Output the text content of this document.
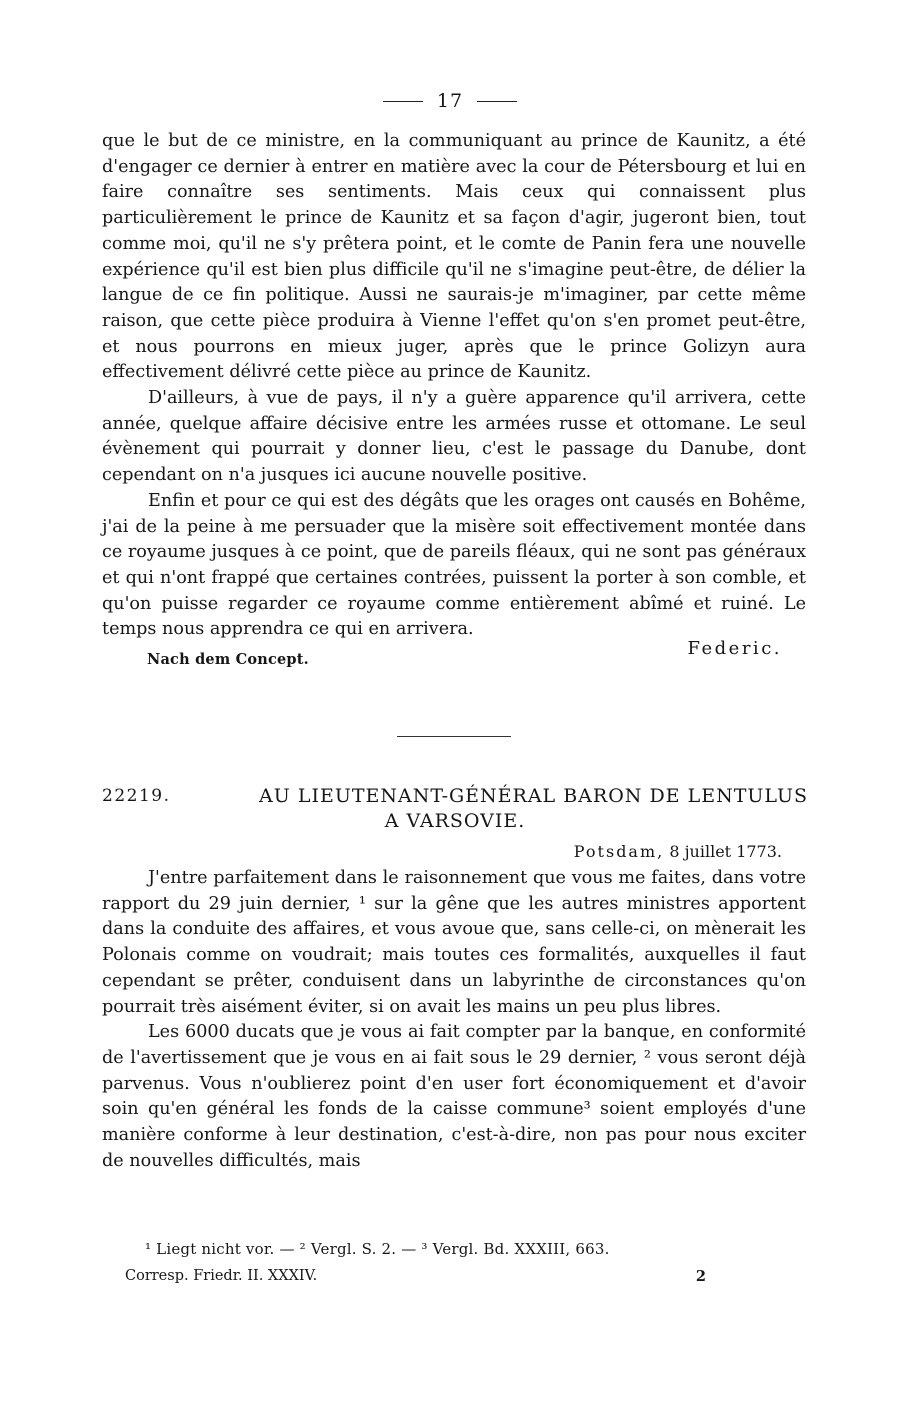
17

que le but de ce ministre, en la communiquant au prince de Kaunitz, a été d'engager ce dernier à entrer en matière avec la cour de Pétersbourg et lui en faire connaître ses sentiments. Mais ceux qui connaissent plus particulièrement le prince de Kaunitz et sa façon d'agir, jugeront bien, tout comme moi, qu'il ne s'y prêtera point, et le comte de Panin fera une nouvelle expérience qu'il est bien plus difficile qu'il ne s'imagine peut-être, de délier la langue de ce fin politique. Aussi ne saurais-je m'imaginer, par cette même raison, que cette pièce produira à Vienne l'effet qu'on s'en promet peut-être, et nous pourrons en mieux juger, après que le prince Golizyn aura effectivement délivré cette pièce au prince de Kaunitz.

D'ailleurs, à vue de pays, il n'y a guère apparence qu'il arrivera, cette année, quelque affaire décisive entre les armées russe et ottomane. Le seul évènement qui pourrait y donner lieu, c'est le passage du Danube, dont cependant on n'a jusques ici aucune nouvelle positive.

Enfin et pour ce qui est des dégâts que les orages ont causés en Bohême, j'ai de la peine à me persuader que la misère soit effectivement montée dans ce royaume jusques à ce point, que de pareils fléaux, qui ne sont pas généraux et qui n'ont frappé que certaines contrées, puissent la porter à son comble, et qu'on puisse regarder ce royaume comme entièrement abîmé et ruiné. Le temps nous apprendra ce qui en arrivera.

Nach dem Concept.
Federic.
22219.	AU LIEUTENANT-GÉNÉRAL BARON DE LENTULUS
A VARSOVIE.
Potsdam, 8 juillet 1773.

J'entre parfaitement dans le raisonnement que vous me faites, dans votre rapport du 29 juin dernier, ¹ sur la gêne que les autres ministres apportent dans la conduite des affaires, et vous avoue que, sans celle-ci, on mènerait les Polonais comme on voudrait; mais toutes ces formalités, auxquelles il faut cependant se prêter, conduisent dans un labyrinthe de circonstances qu'on pourrait très aisément éviter, si on avait les mains un peu plus libres.

Les 6000 ducats que je vous ai fait compter par la banque, en conformité de l'avertissement que je vous en ai fait sous le 29 dernier, ² vous seront déjà parvenus. Vous n'oublierez point d'en user fort économiquement et d'avoir soin qu'en général les fonds de la caisse commune³ soient employés d'une manière conforme à leur destination, c'est-à-dire, non pas pour nous exciter de nouvelles difficultés, mais

¹ Liegt nicht vor. — ² Vergl. S. 2. — ³ Vergl. Bd. XXXIII, 663.
Corresp. Friedr. II. XXXIV.	2
